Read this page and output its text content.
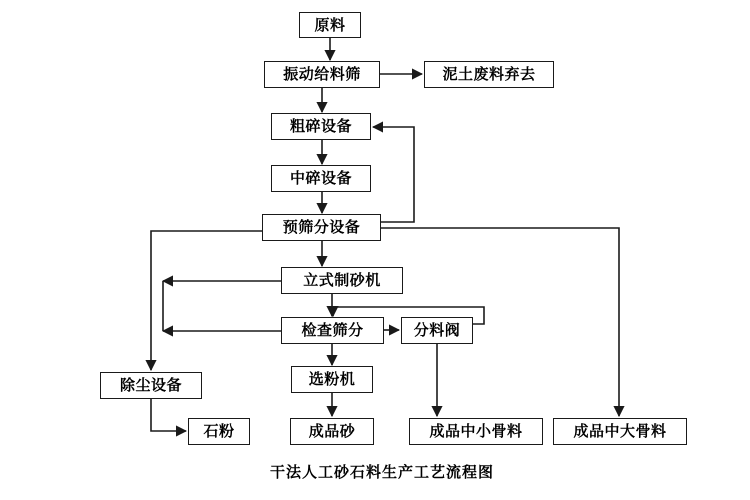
原料
振动给料筛	泥土废料弃去
粗碎设备
中碎设备
预筛分设备
立式制砂机
检查筛分	分料阀
选粉机
除尘设备
石粉	成品砂	成品中小骨料	成品中大骨料
干法人工砂石料生产工艺流程图
